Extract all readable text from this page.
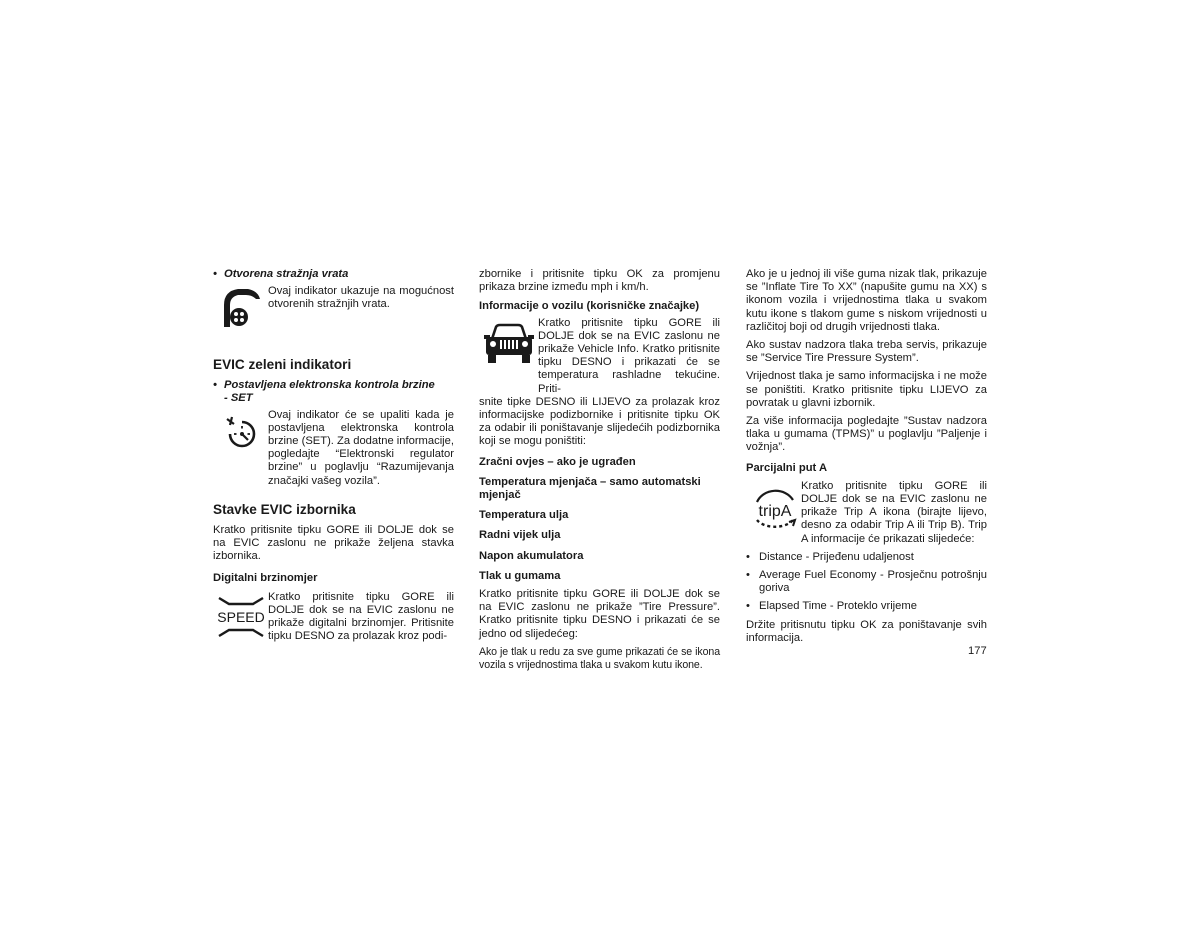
• Otvorena stražnja vrata
Ovaj indikator ukazuje na mogućnost otvorenih stražnjih vrata.
EVIC zeleni indikatori
• Postavljena elektronska kontrola brzine
- SET
Ovaj indikator će se upaliti kada je postavljena elektronska kontrola brzine (SET). Za dodatne informacije, pogledajte “Elektronski regulator brzine” u poglavlju “Razumijevanja značajki vašeg vozila”.
Stavke EVIC izbornika

Kratko pritisnite tipku GORE ili DOLJE dok se na EVIC zaslonu ne prikaže željena stavka izbornika.

Digitalni brzinomjer
SPEED
Kratko pritisnite tipku GORE ili DOLJE dok se na EVIC zaslonu ne prikaže digitalni brzinomjer. Pritisnite tipku DESNO za prolazak kroz podi-

zbornike i pritisnite tipku OK za promjenu prikaza brzine između mph i km/h.

Informacije o vozilu (korisničke značajke)
Kratko pritisnite tipku GORE ili DOLJE dok se na EVIC zaslonu ne prikaže Vehicle Info. Kratko pritisnite tipku DESNO i prikazati će se temperatura rashladne tekućine. Priti-

snite tipke DESNO ili LIJEVO za prolazak kroz informacijske podizbornike i pritisnite tipku OK za odabir ili poništavanje slijedećih podizbornika koji se mogu poništiti:

Zračni ovjes – ako je ugrađen
Temperatura mjenjača – samo automatski mjenjač
Temperatura ulja
Radni vijek ulja
Napon akumulatora
Tlak u gumama

Kratko pritisnite tipku GORE ili DOLJE dok se na EVIC zaslonu ne prikaže ”Tire Pressure”. Kratko pritisnite tipku DESNO i prikazati će se jedno od slijedećeg:

Ako je tlak u redu za sve gume prikazati će se ikona vozila s vrijednostima tlaka u svakom kutu ikone.

Ako je u jednoj ili više guma nizak tlak, prikazuje se ”Inflate Tire To XX” (napušite gumu na XX) s ikonom vozila i vrijednostima tlaka u svakom kutu ikone s tlakom gume s niskom vrijednosti u različitoj boji od drugih vrijednosti tlaka.

Ako sustav nadzora tlaka treba servis, prikazuje se ”Service Tire Pressure System”.

Vrijednost tlaka je samo informacijska i ne može se poništiti. Kratko pritisnite tipku LIJEVO za povratak u glavni izbornik.

Za više informacija pogledajte ”Sustav nadzora tlaka u gumama (TPMS)” u poglavlju ”Paljenje i vožnja”.

Parcijalni put A
tripA
Kratko pritisnite tipku GORE ili DOLJE dok se na EVIC zaslonu ne prikaže Trip A ikona (birajte lijevo, desno za odabir Trip A ili Trip B). Trip A informacije će prikazati slijedeće:
• Distance - Prijeđenu udaljenost
• Average Fuel Economy - Prosječnu potrošnju goriva
• Elapsed Time - Proteklo vrijeme

Držite pritisnutu tipku OK za poništavanje svih informacija.

177
